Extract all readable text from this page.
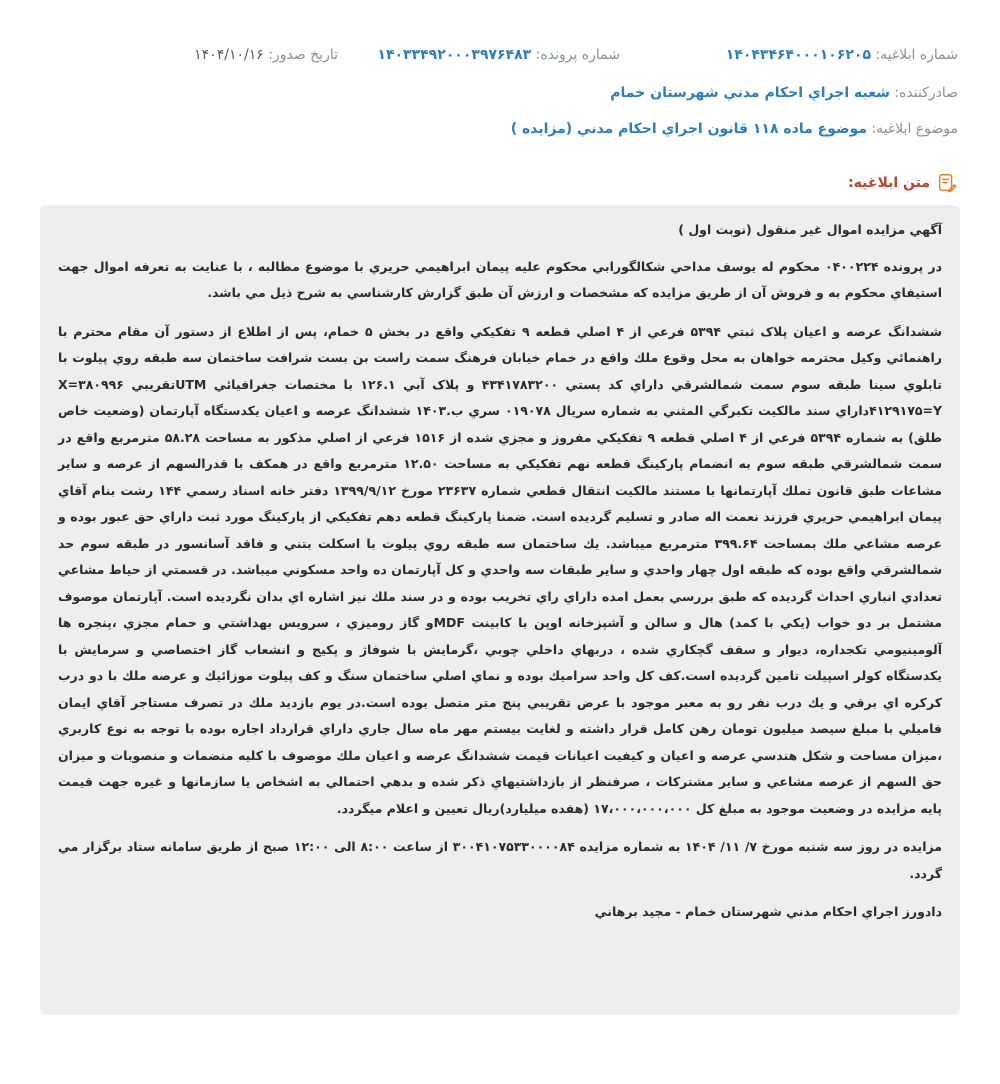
شماره ابلاغيه: ۱۴۰۴۳۴۶۴۰۰۰۱۰۶۲۰۵
شماره پرونده: ۱۴۰۳۳۴۹۲۰۰۰۳۹۷۶۴۸۳
تاريخ صدور: ۱۴۰۴/۱۰/۱۶
صادرکننده: شعبه اجراي احکام مدني شهرستان خمام
موضوع ابلاغيه: موضوع ماده ۱۱۸ قانون اجراي احکام مدني (مزايده )
متن ابلاغيه:

آگهي مزايده اموال غير منقول (نوبت اول )

در پرونده ۰۴۰۰۲۲۴ محکوم له يوسف مداحي شکالگورابي محکوم عليه پيمان ابراهيمي حريري با موضوع مطالبه ، با عنايت به تعرفه اموال جهت استيفاي محکوم به و فروش آن از طريق مزايده که مشخصات و ارزش آن طبق گزارش کارشناسي به شرح ذيل مي باشد.

ششدانگ عرصه و اعيان پلاک ثبتي ۵۳۹۴ فرعي از ۴ اصلي قطعه ۹ تفکيکي واقع در بخش ۵ خمام، پس از اطلاع از دستور آن مقام محترم با راهنمائي وکيل محترمه خواهان به محل وقوع ملك واقع در خمام خيابان فرهنگ سمت راست بن بست شرافت ساختمان سه طبقه روي پيلوت با تابلوي سينا طبقه سوم سمت شمالشرقي داراي کد پستي ۴۳۴۱۷۸۳۲۰۰ و پلاک آبي ۱۲۶.۱ با مختصات جغرافيائي UTMتقريبي X=۳۸۰۹۹۶ ۴۱۲۹۱۷۵=Yداراي سند مالکيت تکبرگي المثني به شماره سريال ۰۱۹۰۷۸ سري ب.۱۴۰۳ ششدانگ عرصه و اعيان يکدستگاه آپارتمان (وضعيت خاص طلق) به شماره ۵۳۹۴ فرعي از ۴ اصلي قطعه ۹ تفکيکي مفروز و مجزي شده از ۱۵۱۶ فرعي از اصلي مذکور به مساحت ۵۸.۲۸ مترمربع واقع در سمت شمالشرقي طبقه سوم به انضمام پارکينگ قطعه نهم تفکيکي به مساحت ۱۲.۵۰ مترمربع واقع در همکف با قدرالسهم از عرصه و ساير مشاعات طبق قانون تملك آپارتمانها با مستند مالکيت انتقال قطعي شماره ۲۳۶۳۷ مورخ ۱۳۹۹/۹/۱۲ دفتر خانه اسناد رسمي ۱۴۴ رشت بنام آقاي پيمان ابراهيمي حريري فرزند نعمت اله صادر و تسليم گرديده است. ضمنا پارکينگ قطعه دهم تفکيکي از پارکينگ مورد ثبت داراي حق عبور بوده و عرصه مشاعي ملك بمساحت ۳۹۹.۶۴ مترمربع ميباشد. يك ساختمان سه طبقه روي پيلوت با اسکلت بتني و فاقد آسانسور در طبقه سوم حد شمالشرقي واقع بوده که طبقه اول چهار واحدي و ساير طبقات سه واحدي و کل آپارتمان ده واحد مسکوني ميباشد. در قسمتي از حياط مشاعي تعدادي انباري احداث گرديده که طبق بررسي بعمل امده داراي راي تخريب بوده و در سند ملك نيز اشاره اي بدان نگرديده است. آپارتمان موصوف مشتمل بر دو خواب (يکي با کمد) هال و سالن و آشپزخانه اوپن با کابينت MDFو گاز روميزي ، سرويس بهداشتي و حمام مجزي ،پنجره ها آلومينيومي تکجداره، ديوار و سقف گچکاري شده ، دربهاي داخلي چوبي ،گرمايش با شوفاژ و پکيج و انشعاب گاز اختصاصي و سرمايش با يکدستگاه کولر اسپيلت تامين گرديده است.کف کل واحد سراميك بوده و نماي اصلي ساختمان سنگ و کف پيلوت موزائيك و عرصه ملك با دو درب کرکره اي برقي و يك درب نفر رو به معبر موجود با عرض تقريبي پنج متر متصل بوده است.در يوم بازديد ملك در تصرف مستاجر آقاي ايمان فاميلي با مبلغ سيصد ميليون تومان رهن کامل قرار داشته و لغايت بيستم مهر ماه سال جاري داراي قرارداد اجاره بوده با توجه به نوع کاربري ،ميزان مساحت و شکل هندسي عرصه و اعيان و کيفيت اعيانات قيمت ششدانگ عرصه و اعيان ملك موصوف با کليه منضمات و منصوبات و ميزان حق السهم از عرصه مشاعي و ساير مشترکات ، صرفنظر از بازداشتيهاي ذکر شده و بدهي احتمالي به اشخاص يا سازمانها و غيره جهت قيمت پايه مزايده در وضعيت موجود به مبلغ کل ۱۷،۰۰۰،۰۰۰،۰۰۰ (هفده ميليارد)ريال تعيين و اعلام ميگردد.

مزايده در روز سه شنبه مورخ ۷/ ۱۱/ ۱۴۰۴ به شماره مزايده ۳۰۰۴۱۰۷۵۳۳۰۰۰۰۸۴ از ساعت ۸:۰۰ الی ۱۲:۰۰ صبح از طريق سامانه ستاد برگزار مي گردد.

دادورز اجراي احکام مدني شهرستان خمام - مجيد برهاني
